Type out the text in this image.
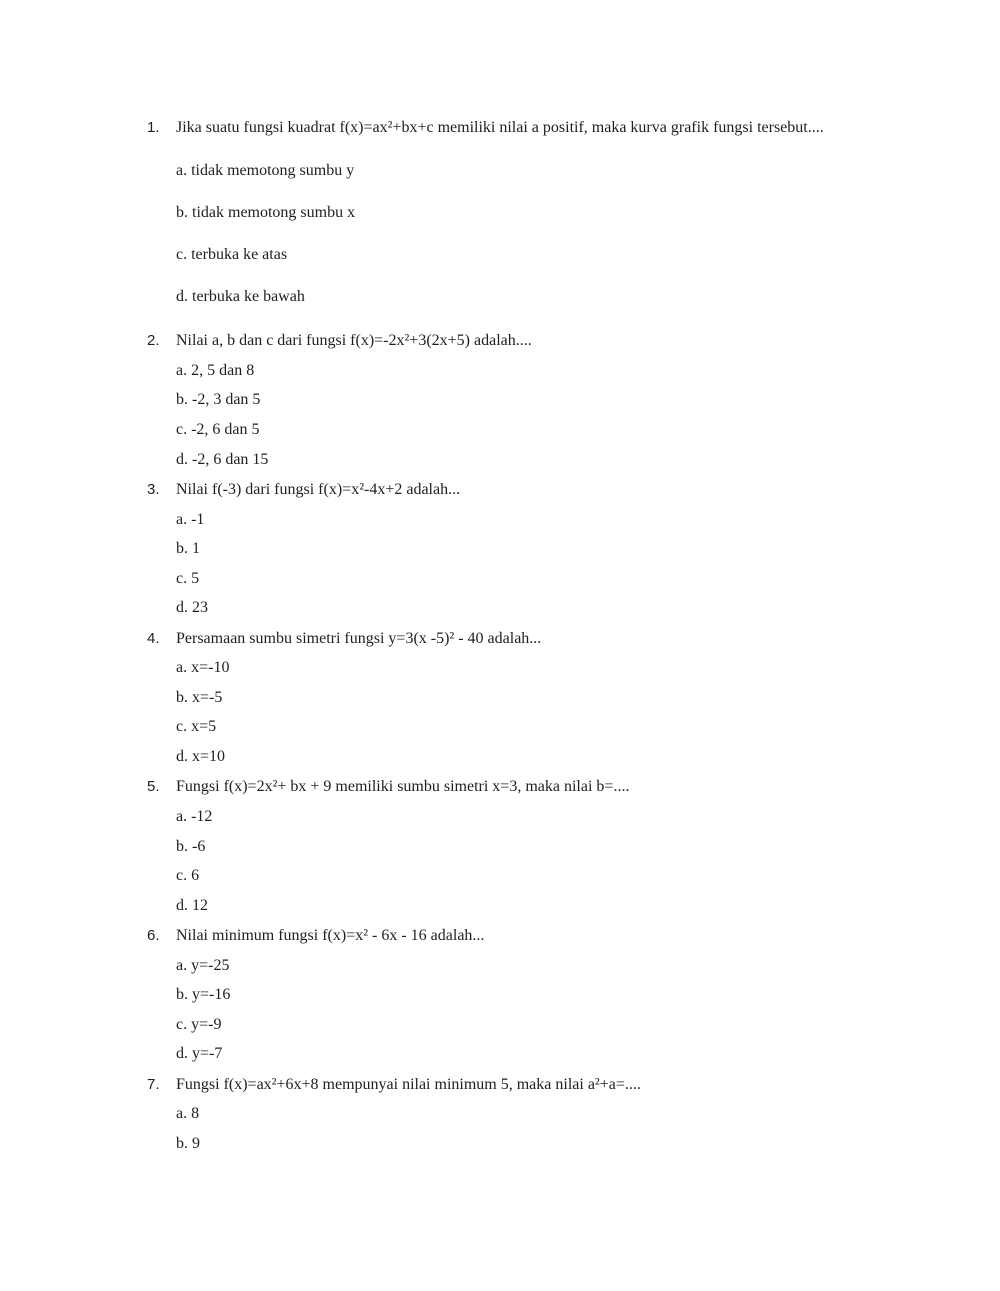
1. Jika suatu fungsi kuadrat f(x)=ax²+bx+c memiliki nilai a positif, maka kurva grafik fungsi tersebut....
a. tidak memotong sumbu y
b. tidak memotong sumbu x
c. terbuka ke atas
d. terbuka ke bawah
2. Nilai a, b dan c dari fungsi f(x)=-2x²+3(2x+5) adalah....
a. 2, 5 dan 8
b. -2, 3 dan 5
c. -2, 6 dan 5
d. -2, 6 dan 15
3. Nilai f(-3) dari fungsi f(x)=x²-4x+2 adalah...
a. -1
b. 1
c. 5
d. 23
4. Persamaan sumbu simetri fungsi y=3(x -5)² - 40 adalah...
a. x=-10
b. x=-5
c. x=5
d. x=10
5. Fungsi f(x)=2x²+ bx + 9 memiliki sumbu simetri x=3, maka nilai b=....
a. -12
b. -6
c. 6
d. 12
6. Nilai minimum fungsi f(x)=x² - 6x - 16 adalah...
a. y=-25
b. y=-16
c. y=-9
d. y=-7
7. Fungsi f(x)=ax²+6x+8 mempunyai nilai minimum 5, maka nilai a²+a=....
a. 8
b. 9
